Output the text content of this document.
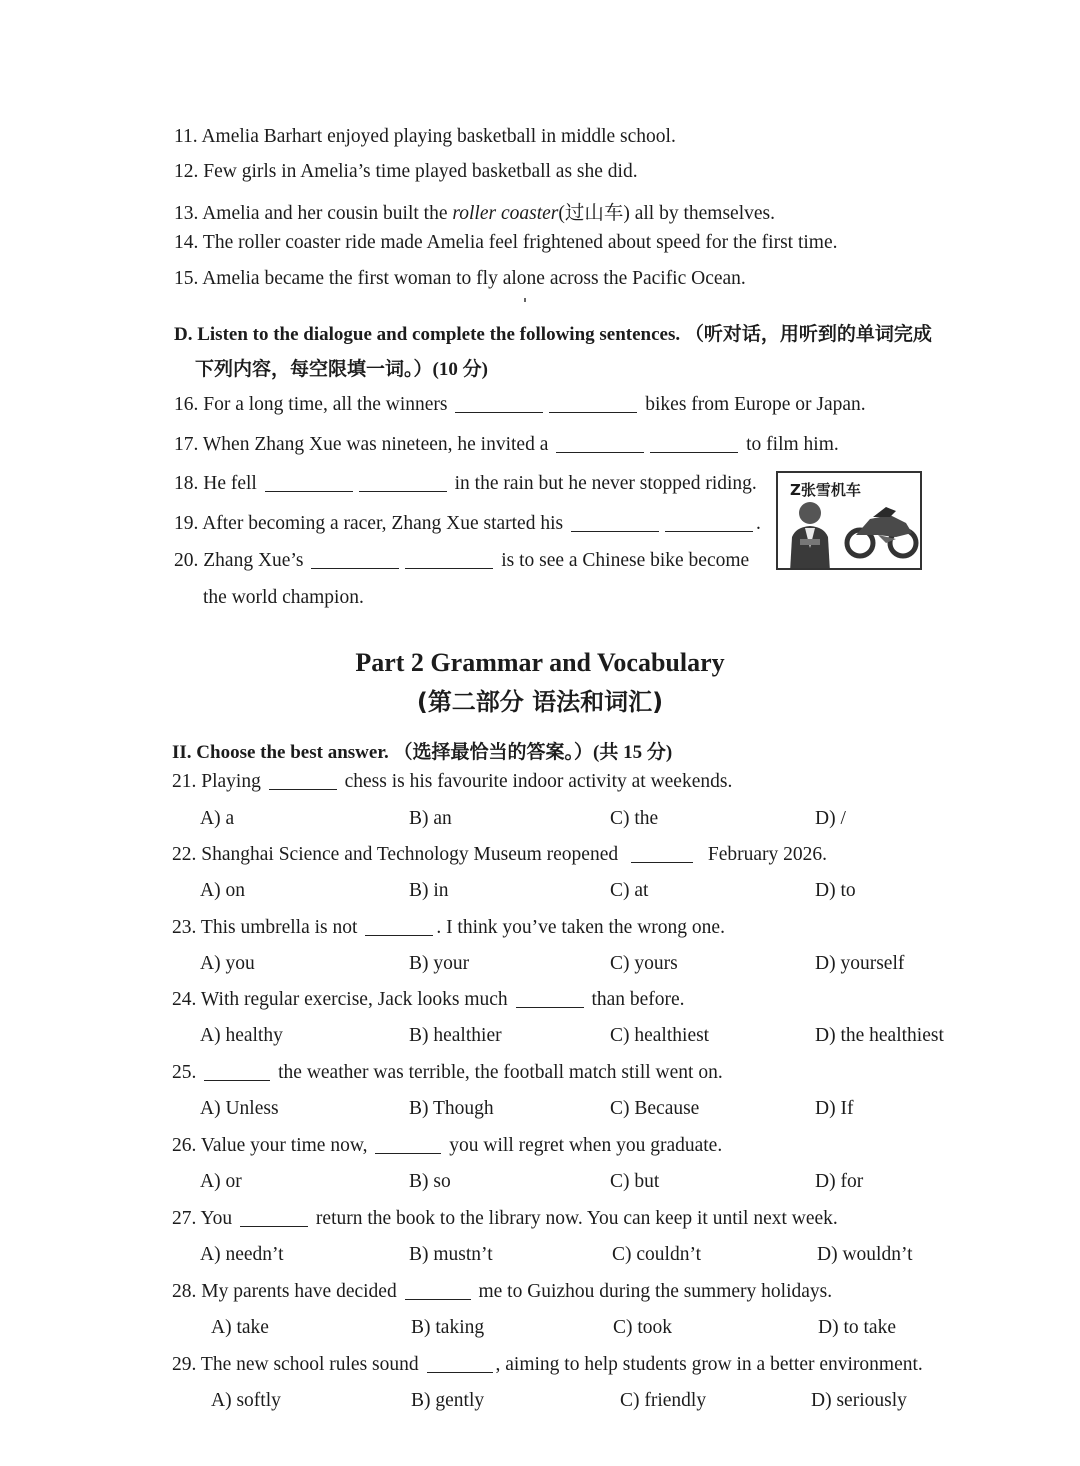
11. Amelia Barhart enjoyed playing basketball in middle school.
12. Few girls in Amelia’s time played basketball as she did.
13. Amelia and her cousin built the roller coaster(过山车) all by themselves.
14. The roller coaster ride made Amelia feel frightened about speed for the first time.
15. Amelia became the first woman to fly alone across the Pacific Ocean.
D. Listen to the dialogue and complete the following sentences. （听对话，用听到的单词完成
下列内容，每空限填一词。）(10 分)
16. For a long time, all the winners	bikes from Europe or Japan.
17. When Zhang Xue was nineteen, he invited a	to film him.
18. He fell	in the rain but he never stopped riding.
19. After becoming a racer, Zhang Xue started his	.
20. Zhang Xue’s	is to see a Chinese bike become
the world champion.
Z张雪机车
Part 2 Grammar and Vocabulary
(第二部分 语法和词汇)
II. Choose the best answer. （选择最恰当的答案。）(共 15 分)
21. Playing	chess is his favourite indoor activity at weekends.
A) a	B) an	C) the	D) /
22. Shanghai Science and Technology Museum reopened	February 2026.
A) on	B) in	C) at	D) to
23. This umbrella is not	. I think you’ve taken the wrong one.
A) you	B) your	C) yours	D) yourself
24. With regular exercise, Jack looks much	than before.
A) healthy	B) healthier	C) healthiest	D) the healthiest
25.	the weather was terrible, the football match still went on.
A) Unless	B) Though	C) Because	D) If
26. Value your time now,	you will regret when you graduate.
A) or	B) so	C) but	D) for
27. You	return the book to the library now. You can keep it until next week.
A) needn’t	B) mustn’t	C) couldn’t	D) wouldn’t
28. My parents have decided	me to Guizhou during the summery holidays.
A) take	B) taking	C) took	D) to take
29. The new school rules sound	, aiming to help students grow in a better environment.
A) softly	B) gently	C) friendly	D) seriously
